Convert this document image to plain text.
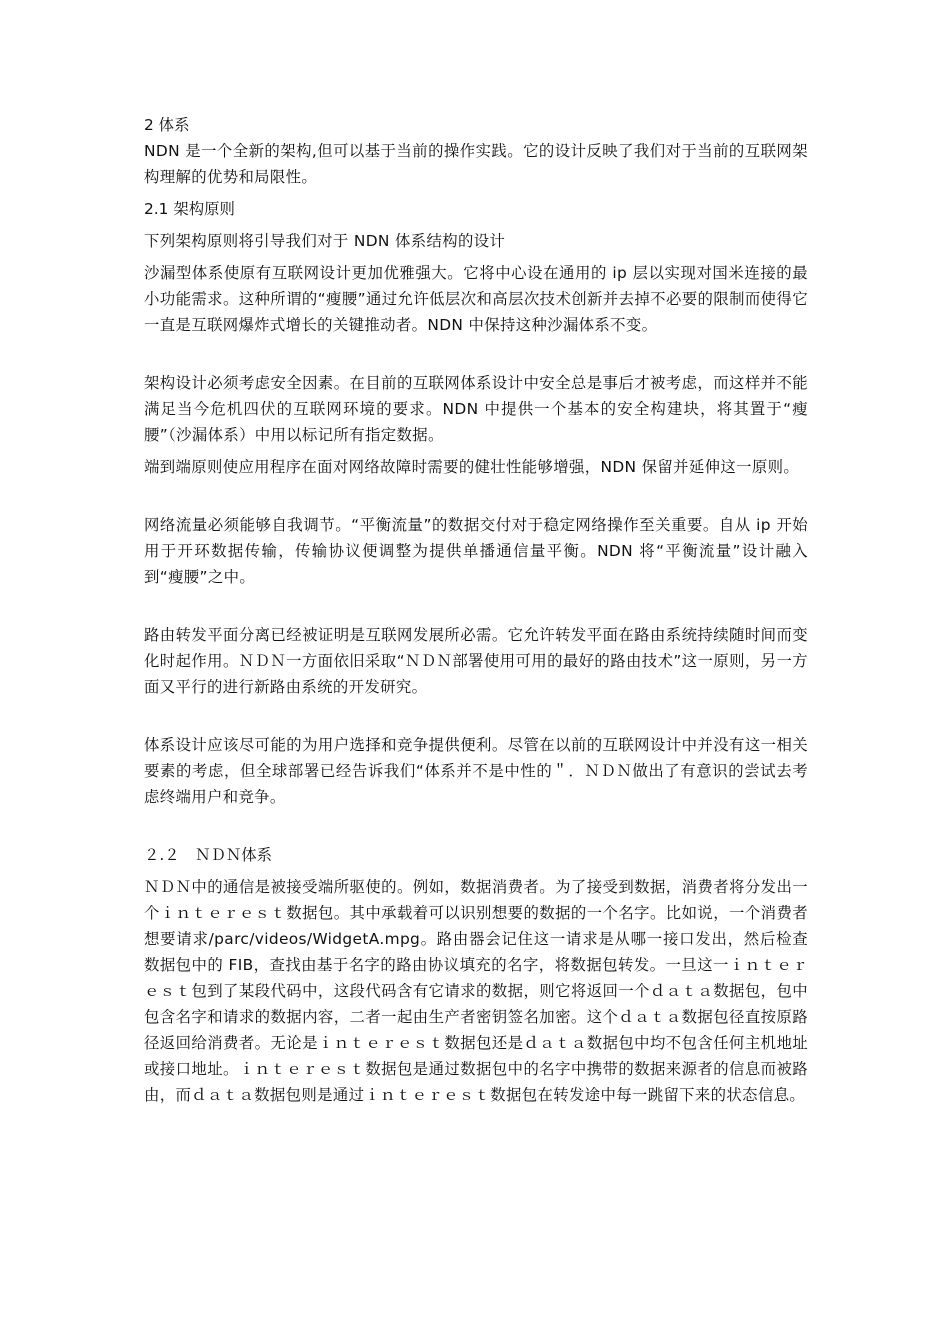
2 体系

NDN 是一个全新的架构,但可以基于当前的操作实践。它的设计反映了我们对于当前的互联网架构理解的优势和局限性。

2.1 架构原则

下列架构原则将引导我们对于 NDN 体系结构的设计

沙漏型体系使原有互联网设计更加优雅强大。它将中心设在通用的 ip 层以实现对国米连接的最小功能需求。这种所谓的“瘦腰”通过允许低层次和高层次技术创新并去掉不必要的限制而使得它一直是互联网爆炸式增长的关键推动者。NDN 中保持这种沙漏体系不变。

架构设计必须考虑安全因素。在目前的互联网体系设计中安全总是事后才被考虑，而这样并不能满足当今危机四伏的互联网环境的要求。NDN 中提供一个基本的安全构建块，将其置于“瘦腰”（沙漏体系）中用以标记所有指定数据。

端到端原则使应用程序在面对网络故障时需要的健壮性能够增强，NDN 保留并延伸这一原则。

网络流量必须能够自我调节。“平衡流量”的数据交付对于稳定网络操作至关重要。自从 ip 开始用于开环数据传输，传输协议便调整为提供单播通信量平衡。NDN 将“平衡流量”设计融入到“瘦腰”之中。

路由转发平面分离已经被证明是互联网发展所必需。它允许转发平面在路由系统持续随时间而变化时起作用。ＮＤＮ一方面依旧采取“ＮＤＮ部署使用可用的最好的路由技术”这一原则，另一方面又平行的进行新路由系统的开发研究。

体系设计应该尽可能的为用户选择和竞争提供便利。尽管在以前的互联网设计中并没有这一相关要素的考虑，但全球部署已经告诉我们“体系并不是中性的＂．ＮＤＮ做出了有意识的尝试去考虑终端用户和竞争。

２.２　ＮＤＮ体系

ＮＤＮ中的通信是被接受端所驱使的。例如，数据消费者。为了接受到数据，消费者将分发出一个ｉｎｔｅｒｅｓｔ数据包。其中承载着可以识别想要的数据的一个名字。比如说，一个消费者想要请求/parc/videos/WidgetA.mpg。路由器会记住这一请求是从哪一接口发出，然后检查数据包中的 FIB，查找由基于名字的路由协议填充的名字，将数据包转发。一旦这一ｉｎｔｅｒｅｓｔ包到了某段代码中，这段代码含有它请求的数据，则它将返回一个ｄａｔａ数据包，包中包含名字和请求的数据内容，二者一起由生产者密钥签名加密。这个ｄａｔａ数据包径直按原路径返回给消费者。无论是ｉｎｔｅｒｅｓｔ数据包还是ｄａｔａ数据包中均不包含任何主机地址或接口地址。ｉｎｔｅｒｅｓｔ数据包是通过数据包中的名字中携带的数据来源者的信息而被路由，而ｄａｔａ数据包则是通过ｉｎｔｅｒｅｓｔ数据包在转发途中每一跳留下来的状态信息。
